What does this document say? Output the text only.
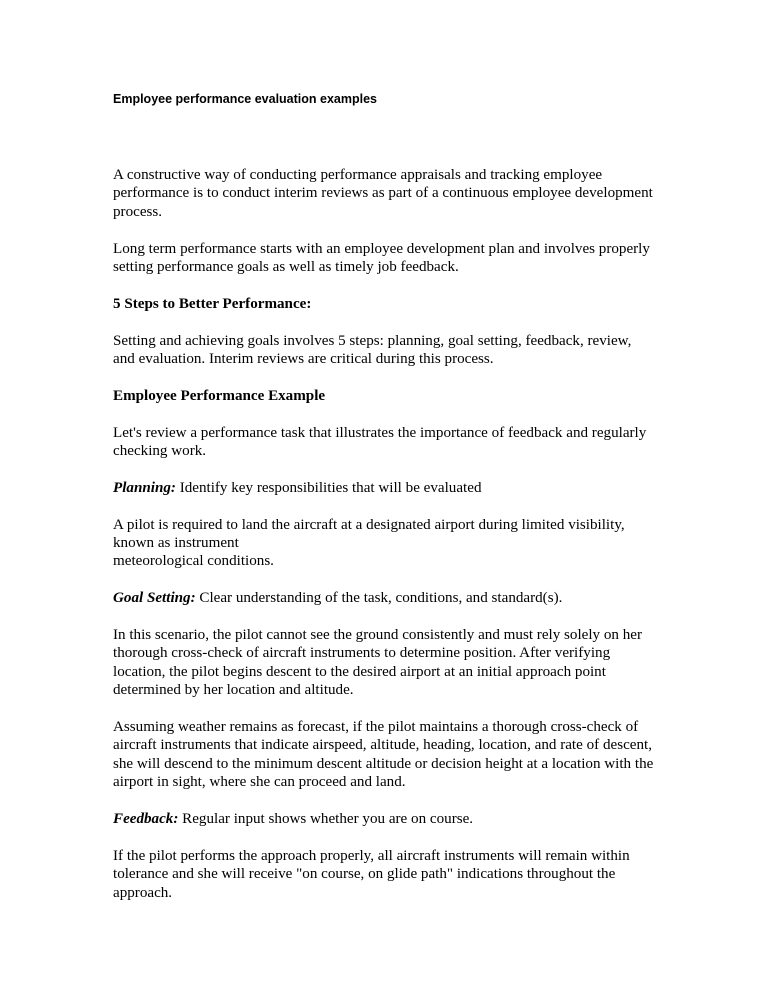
Employee performance evaluation examples

A constructive way of conducting performance appraisals and tracking employee
performance is to conduct interim reviews as part of a continuous employee development
process.

Long term performance starts with an employee development plan and involves properly
setting performance goals as well as timely job feedback.

5 Steps to Better Performance:

Setting and achieving goals involves 5 steps: planning, goal setting, feedback, review,
and evaluation. Interim reviews are critical during this process.

Employee Performance Example

Let's review a performance task that illustrates the importance of feedback and regularly
checking work.

Planning: Identify key responsibilities that will be evaluated

A pilot is required to land the aircraft at a designated airport during limited visibility,
known as instrument
meteorological conditions.

Goal Setting: Clear understanding of the task, conditions, and standard(s).

In this scenario, the pilot cannot see the ground consistently and must rely solely on her
thorough cross-check of aircraft instruments to determine position. After verifying
location, the pilot begins descent to the desired airport at an initial approach point
determined by her location and altitude.

Assuming weather remains as forecast, if the pilot maintains a thorough cross-check of
aircraft instruments that indicate airspeed, altitude, heading, location, and rate of descent,
she will descend to the minimum descent altitude or decision height at a location with the
airport in sight, where she can proceed and land.

Feedback: Regular input shows whether you are on course.

If the pilot performs the approach properly, all aircraft instruments will remain within
tolerance and she will receive "on course, on glide path" indications throughout the
approach.
